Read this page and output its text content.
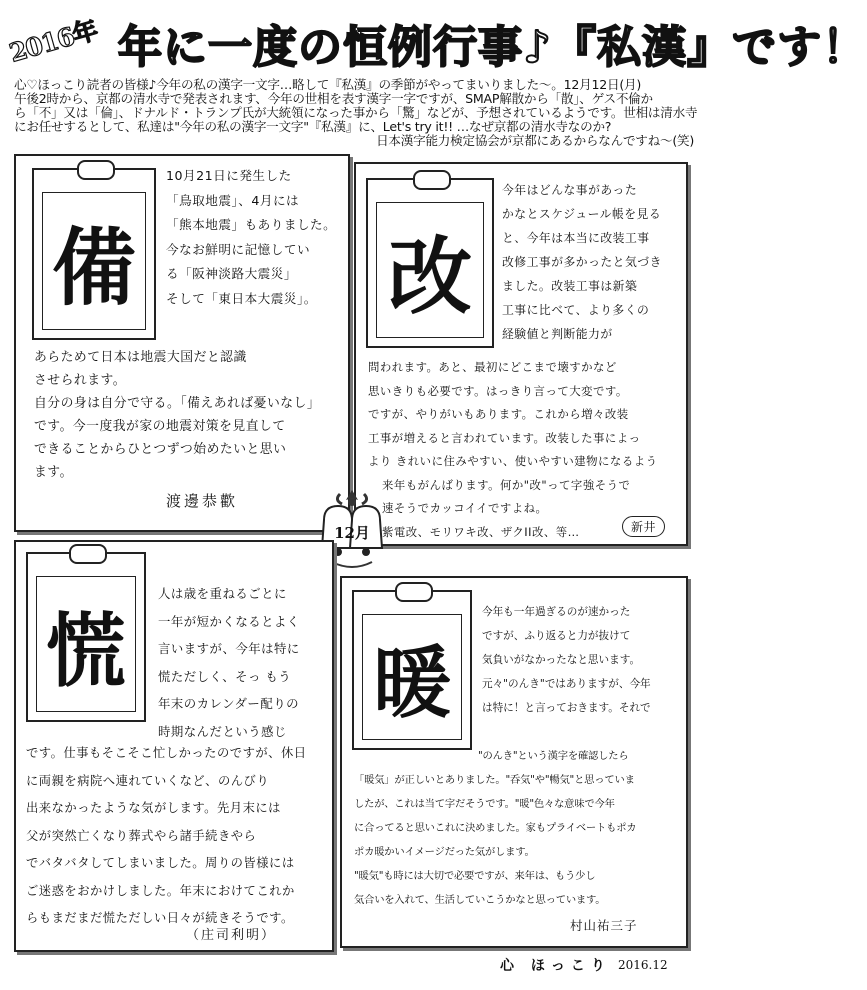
2016年 年に一度の恒例行事♪『私漢』です！
心♡ほっこり読者の皆様♪今年の私の漢字一文字…略して『私漢』の季節がやってまいりました～。12月12日(月)
午後2時から、京都の清水寺で発表されます、今年の世相を表す漢字一字ですが、SMAP解散から「散」、ゲス不倫か
ら「不」又は「倫」、ドナルド・トランプ氏が大統領になった事から「驚」などが、予想されているようです。世相は清水寺
にお任せするとして、私達は"今年の私の漢字一文字"『私漢』に、Let's try it!! …なぜ京都の清水寺なのか?
日本漢字能力検定協会が京都にあるからなんですね～(笑)
備
10月21日に発生した
「鳥取地震」、4月には
「熊本地震」もありました。
今なお鮮明に記憶してい
る「阪神淡路大震災」
そして「東日本大震災」。
あらためて日本は地震大国だと認識
させられます。
自分の身は自分で守る。「備えあれば憂いなし」
です。今一度我が家の地震対策を見直して
できることからひとつずつ始めたいと思い
ます。
渡邊恭歡
改
今年はどんな事があった
かなとスケジュール帳を見る
と、今年は本当に改装工事
改修工事が多かったと気づき
ました。改装工事は新築
工事に比べて、より多くの
経験値と判断能力が
問われます。あと、最初にどこまで壊すかなど
思いきりも必要です。はっきり言って大変です。
ですが、やりがいもあります。これから増々改装
工事が増えると言われています。改装した事によっ
より きれいに住みやすい、使いやすい建物になるよう
来年もがんばります。何か"改"って字強そうで
速そうでカッコイイですよね。
紫電改、モリワキ改、ザクII改、等…	新井
12月
慌
人は歳を重ねるごとに
一年が短かくなるとよく
言いますが、今年は特に
慌ただしく、そっ もう
年末のカレンダー配りの
時期なんだという感じ
です。仕事もそこそこ忙しかったのですが、休日
に両親を病院へ連れていくなど、のんびり
出来なかったような気がします。先月末には
父が突然亡くなり葬式やら諸手続きやら
でバタバタしてしまいました。周りの皆様には
ご迷惑をおかけしました。年末におけてこれか
らもまだまだ慌ただしい日々が続きそうです。
（庄司利明）
暖
今年も一年過ぎるのが速かった
ですが、ふり返ると力が抜けて
気負いがなかったなと思います。
元々"のんき"ではありますが、今年
は特に！と言っておきます。それで
"のんき"という漢字を確認したら
「暖気」が正しいとありました。"呑気"や"暢気"と思っていま
したが、これは当て字だそうです。"暖"色々な意味で今年
に合ってると思いこれに決めました。家もプライベートもポカ
ポカ暖かいイメージだった気がします。
"暖気"も時には大切で必要ですが、来年は、もう少し
気合いを入れて、生活していこうかなと思っています。
村山祐三子
心 ほっこり 2016.12
